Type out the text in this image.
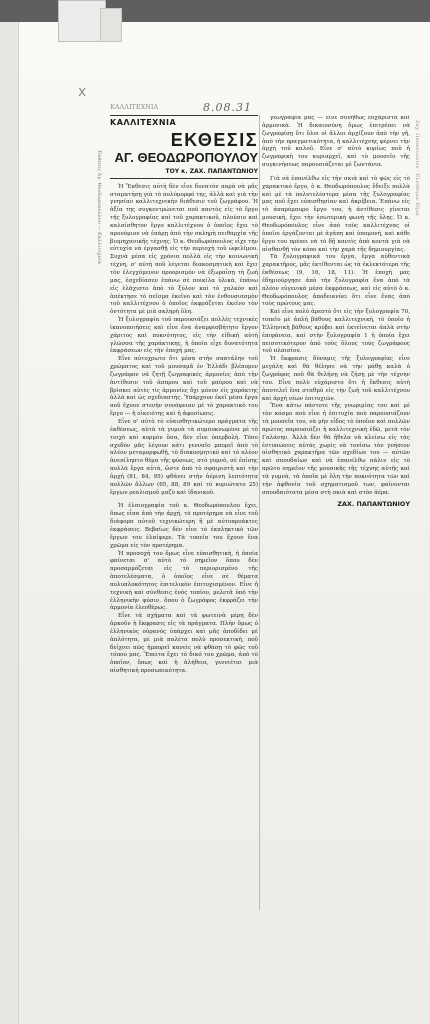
x
ΚΑΛΛΙΤΕΧΝΙΑ	8.08.31
Ἐκθεσις Ἀγ. Θεοδωροπούλου — Καλλιτεχνία	Ζαχ. Παπαντωνίου · Ἐλεύθερον Βῆμα
ΚΑΛΛΙΤΕΧΝΙΑ
ΕΚΘΕΣΙΣ
ΑΓ. ΘΕΟΔΩΡΟΠΟΥΛΟΥ
ΤΟΥ κ. ΖΑΧ. ΠΑΠΑΝΤΩΝΙΟΥ

Ἡ Ἔκθεσις αὐτὴ δὲν εἶνε δυνατὸν παρὰ νὰ μᾶς σταματήσῃ γιὰ τὸ πολύμορφό της, ἀλλὰ καὶ γιὰ τὴν γνησίαν καλλιτεχνικὴν διάθεσιν τοῦ ζωγράφου. Ἡ ἀξία της συγκεντρώνεται ποῦ παντὸς εἰς τὸ ἔργο τῆς ξυλογραφίας καὶ τοῦ χαρακτικοῦ, πλούσιο καὶ καλαίσθητον ἔργο καλλιτέχνου ὁ ὁποῖος ἔχει τὸ προνόμιον νὰ ἐπάρῃ ἀπὸ τὴν σκληρὴ πειθαρχία τῆς βιομηχανικῆς τέχνης. Ὁ κ. Θεοδωρόπουλος εἶχε τὴν εὐτυχία νὰ ἐργασθῇ εἰς τὴν περιοχὴ τοῦ ὡφελίμου. Συχνὰ μέσα εἰς χρόνια πολλὰ εἰς τὴν κοινωνικὴ τέχνη, σ' αὐτὴ ποῦ λέγεται διακοσμητικὴ καὶ ἔχει τὸν ἐλεγχόμενον προορισμόν νὰ ἐξωραΐσῃ τὴ ζωή μας, ἐσχεδίασεν ἐπάνω σὲ ποικίλα ὑλικὰ, ἐπάνω εἰς ἐλάχιστο ἀπὸ τὸ ξύλον καὶ τὸ χαλκὸν καὶ ἀπέκτησε τὸ πεῖσμα ἐκεῖνο καὶ τὸν ἐνθουσιασμὸν τοῦ καλλιτέχνου ὁ ὁποῖος ἐκφράζεται ἐκεῖνο τὸν ὀντότητα μὲ μιὰ σκληρὴ ὕλη.

Ἡ ξυλογραφία τοῦ παρουσιάζει πολλὲς τεχνικὲς ἱκανοποιήσεις καὶ εἶνε ἕνα ἀναμφισβήτητο ἔργον χάριτος καὶ πυκνότητος, εἰς τὴν εἰδικὴ αὐτὴ γλῶσσα τῆς χαράκτικης, ἡ ὁποία εἶχε δυνατότητα ἐκφράσεων εἰς τὴν ἐποχή μας.

Εἶνε αὐτοχρωτο ὅτι μέσα στὴν σπατάλην τοῦ χρώματος καὶ τοῦ μουσαμᾶ ἐν Ἑλλάδι βλέπομεν ζωγράφον νὰ ζητῇ ζωγραφικὲς ἁρμονίες ἀπὸ τὴν ἀντίθεσιν τοῦ ἀσπρου καὶ τοῦ μαύρου καὶ νὰ βρίσκει αὐτὲς τὶς ἁρμονίες ὄχι μόνον εἰς χαράκτης ἀλλὰ καὶ ὡς σχεδιαστής. Ὑπάρχουν ἐκεῖ μέσα ἔργα ποῦ ἔχουν στενὴν συνάφειαν μὲ τὸ χαρακτικὸ του ἔργο — ἡ οἰκειότης καὶ ἡ ἀφοσίωσις.

Εἶνε σ' αὐτὸ τὸ εὐαισθητικώτερο πράγματα τῆς ἐκθέσεως, αὐτὰ τὰ γυμνὰ τὰ συμπυκνωμένα μὲ τὸ τοιχὸ καὶ κορμὸν ὅσα, δὲν εἶνε ὑπερβολή. Τόσο σχεδὸν μᾶς λέγουν κάτι γενναῖο μπορεῖ ἀπὸ τὸ πλέον μεταμορφωθῇ, τὸ διακοσμητικὸ καὶ τὸ πλέον ἀνεπίληπτο θέμα τῆς φύσεως, στὸ γυμνὸ, σὲ ἐπίσης πολλὰ ἔργα αὐτὰ, ὥστε ἀπὸ τὸ σφαιριστὴ καὶ τὴν ἀρχή (81, 84, 95) φθάνει στὴν ἀέρινη λεπτότητα πολλῶν ἄλλων (65, 88, 89 καὶ τὸ κυριώτατο 25) ἔργων ρεαλισμοῦ μαζὺ καὶ ἰδανικοῦ.

Ἡ ἐλαιογραφία τοῦ κ. Θεοδωρόπουλου ἔχει, ὅπως εἶπα ἀπὸ τὴν ἀρχή, τὸ προτέρημα νὰ εἶνε τοῦ διάφορα αὐτοῦ τεχνικώτερη ἢ μὲ αὐτοπροάκτες ἐκφράσεις. Βεβαίως δὲν εἶνε τὸ ἐκπληκτικὸ τῶν ἔργων του ἐλαίφερε. Τὰ τοπεῖα του ἔχουν ἕνα χρῶμα εἰς τὸν προτέρημα.

Ἡ προσοχὴ του ὅμως εἶνε εὐαισθητικὴ, ἡ ὁποία φαίνεται σ' αὐτὸ τὸ σημεῖον ὅπου δὲν προσαρμόζεται εἰς τὸ περιορισμένο τῆς ἀποτελέσματα, ὁ ὁποῖος εἶνε σὲ θέματα πολυπλοκότητος ἐπιτελικὸν ἐπιτυχισμένον. Εἶνε ἡ τεχνικὴ καὶ σύνθεσις ἑνὸς τοπίου, μελετᾶ ὑπὸ τὴν ἐλληνικὴν φύσιν, ὅπου ὁ ζωγράφος ἐκφράζει τὴν ἁρμονία ἐλευθέρως.

Εἶνε τὰ σχήματα καὶ τὰ φωτεινὰ μέρη δὲν ἀρκοῦν ἡ ἔκφρασις εἰς τὰ πράγματα. Πλὴν ὅμως ὁ ἐλληνικὸς οὐρανὸς ὑπάρχει καὶ μᾶς ἀποδίδει μὲ ἁπλότητα, μὲ μιὰ παλέτα πολὺ προσεκτικὴ, ποῦ δείχνει πῶς ἠμπορεῖ κανεὶς νὰ φθάσῃ τὸ φῶς τοῦ τόπου μας. Ἔπειτα ἔχει τὸ δικό του χρῶμα, ἀπὸ τὸ ὁποῖον, ὅπως καὶ ἡ ἀλήθεια, γεννιέται μιὰ αἰσθητικὴ προσωπικότητα.

γεωγραφία μας — εἶνε συνήθως εὐχάριστα καὶ ἀρμονικὰ. Ἡ δικαιοσύνη ὅμως ἐπιτρέπει νὰ ζωγραφίσῃ ὅτι ὅλοι οἱ ἄλλοι ἀρχίζουν ἀπὸ τὴν γῆ, ἀπὸ τὴν πραγματικότητα, ἡ καλλιτέχνης φέρνει τὴν ἀρχὴ τοῦ καλοῦ. Εἶνε σ' αὐτὸ κυρίως ποῦ ἡ ζωγραφικὴ του κυριαρχεῖ, καὶ τὸ μουσεῖο τῆς συγκινήσεως παρουσιάζεται μὲ ζωντάνια.

Γιὰ νὰ ἐπανέλθω εἰς τὴν σκιὰ καὶ τὸ φῶς εἰς τὸ χαρακτικό ἔργο, ὁ κ. Θεοδωρόπουλος ἔδειξε πολλὰ καὶ μὲ τὰ πολυτελέστερα μέσα τῆς ξυλογραφίας μας ποῦ ἔχει εὐαισθησίαν καὶ ἀκρίβεια. Ἐπάνω εἰς τὸ ἀσπρόμαυρο ἔργο του, ἡ ἀντίθεσις γίνεται μουσικὴ, ἔχει τὴν ἐσωτερικὴ φωνὴ τῆς ὕλης. Ὁ κ. Θεοδωρόπουλος εἶνε ἀπὸ τοὺς καλλιτέχνας οἱ ὁποῖοι ἐργάζονται μὲ ἀγάπη καὶ ὑπομονή, καὶ κάθε ἔργο του πρέπει νὰ τὸ δῇ κανεὶς ἀπὸ κοντὰ γιὰ νὰ αἰσθανθῇ τὸν κόπο καὶ τὴν χαρὰ τῆς δημιουργίας.

Τὰ ξυλογραφικά του ἔργα, ἔργα αὐθεντικὰ χαρακτῆρος, μᾶς ἐκτίθενται ὡς τὰ ἐκλεκτότερα τῆς ἐκθέσεως (9, 16, 18, 11). Ἡ ἐποχή μας ἐδημιούργησε ἀπὸ τὴν ξυλογραφία ἕνα ἀπὸ τὰ πλέον εὐγενικὰ μέσα ἐκφράσεως, καὶ εἰς αὐτὸ ὁ κ. Θεοδωρόπουλος ἀποδεικνύει ὅτι εἶνε ἕνας ἀπὸ τοὺς πρώτους μας.

Καὶ εἶνε πολὺ ἀρεστὸ ὅτι εἰς τὴν ξυλογραφία 70, τοπεῖο μὲ ἀπλὴ βάθους καλλιτεχνικὴ, τὸ ὁποῖο ἡ Ἑλληνικὴ βάθους κρύβει καὶ ἐκτείνεται ἀπλὰ στὴν ἐπιφάνεια, καὶ στὴν ξυλογραφία 1 ἡ ὁποία ἔχει πεισοτικότερον ἀπὸ τοὺς ὅλους τοὺς ζωγράφους τοῦ πλαισίου.

Ἡ ἔκφρασις δύναμις τῆς ξυλογραφίας εἶνε μεγάλη καὶ θὰ θέλησε νὰ τὴν μάθῃ καλὰ ὁ ζωγράφος ποῦ θὰ θελήσῃ νὰ ζήσῃ μὲ τὴν τέχνην του. Εἶνε πολὺ εὐχάριστο ὅτι ἡ ἔκθεσις αὐτὴ ἀποτελεῖ ἕνα σταθμὸ εἰς τὴν ζωὴ τοῦ καλλιτέχνου καὶ ἀρχὴ νέων ἐπιτυχιῶν.

Ἔνα κάτω πάντοτε τῆς γνωριμίας του καὶ μὲ τὸν κόσμο ποὺ εἶνε ἡ ἐπιτυχία ποὺ παρουσιάζουν τὰ μουσεῖα του, νὰ μὴν εἶδος τὸ ὁποῖον καὶ πολλῶν πρώτος παρουσιάζει ἡ καλλιτεχνικὴ ἐδῶ, μετὰ τὸν Γαλάνην. Ἀλλὰ δὲν θὰ ἤθελα νὰ κλείσω εἰς τὰς ἐντυπώσεις αὐτὰς χωρὶς νὰ τονίσω τὸν γνήσιον αἰσθητικὸ χαρακτῆρα τῶν σχεδίων του — αὐτῶν καὶ σπουδαίων καὶ νὰ ἐπανέλθω πάλιν εἰς τὸ πρῶτο σημεῖον τῆς μουσικῆς τῆς τέχνης αὐτῆς καὶ τὰ γυμνὰ, τὰ ὁποῖα μὲ ὅλη τὴν πυκνότητα τῶν καὶ τὴν ἀφθονία τοῦ σχηματισμοῦ των, φαίνονται σπουδαιότατα μέσα στὴ σκιὰ καὶ στὸν ἀέρα.

ΖΑΧ. ΠΑΠΑΝΤΩΝΙΟΥ
